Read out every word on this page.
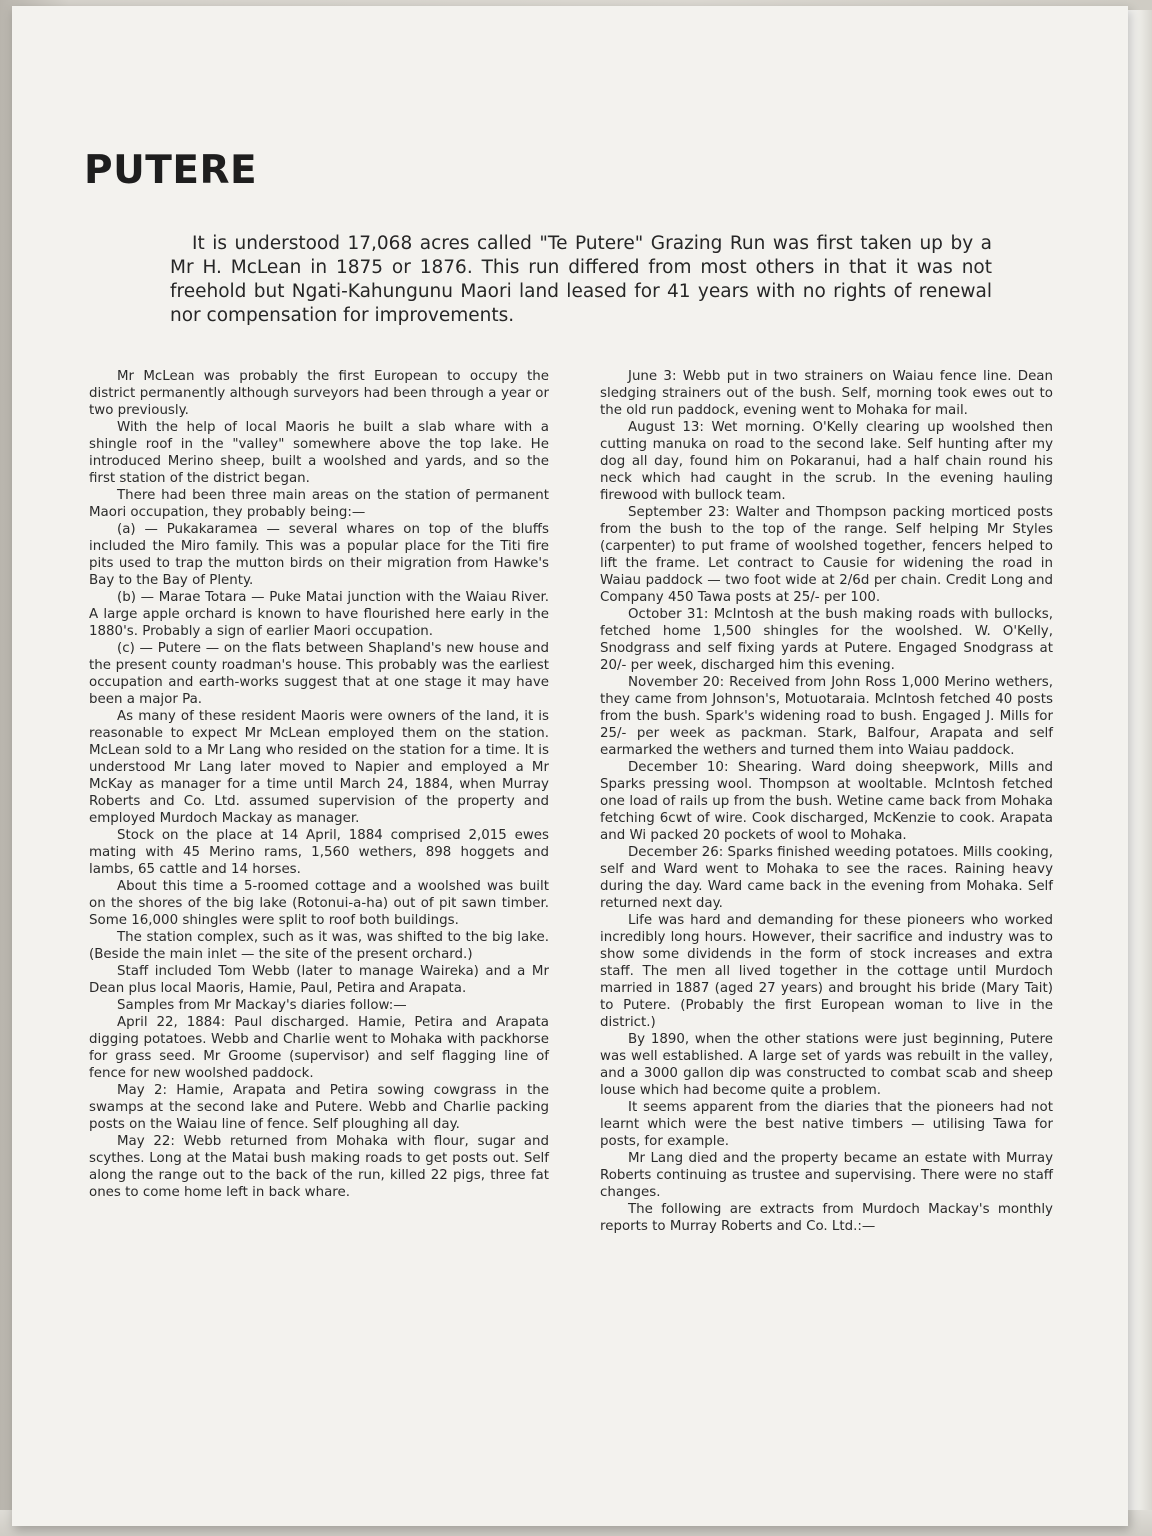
PUTERE

It is understood 17,068 acres called "Te Putere" Grazing Run was first taken up by a Mr H. McLean in 1875 or 1876. This run differed from most others in that it was not freehold but Ngati-Kahungunu Maori land leased for 41 years with no rights of renewal nor compensation for improvements.

Mr McLean was probably the first European to occupy the district permanently although surveyors had been through a year or two previously.

With the help of local Maoris he built a slab whare with a shingle roof in the "valley" somewhere above the top lake. He introduced Merino sheep, built a woolshed and yards, and so the first station of the district began.

There had been three main areas on the station of permanent Maori occupation, they probably being:—

(a) — Pukakaramea — several whares on top of the bluffs included the Miro family. This was a popular place for the Titi fire pits used to trap the mutton birds on their migration from Hawke's Bay to the Bay of Plenty.

(b) — Marae Totara — Puke Matai junction with the Waiau River. A large apple orchard is known to have flourished here early in the 1880's. Probably a sign of earlier Maori occupation.

(c) — Putere — on the flats between Shapland's new house and the present county roadman's house. This probably was the earliest occupation and earth-works suggest that at one stage it may have been a major Pa.

As many of these resident Maoris were owners of the land, it is reasonable to expect Mr McLean employed them on the station. McLean sold to a Mr Lang who resided on the station for a time. It is understood Mr Lang later moved to Napier and employed a Mr McKay as manager for a time until March 24, 1884, when Murray Roberts and Co. Ltd. assumed supervision of the property and employed Murdoch Mackay as manager.

Stock on the place at 14 April, 1884 comprised 2,015 ewes mating with 45 Merino rams, 1,560 wethers, 898 hoggets and lambs, 65 cattle and 14 horses.

About this time a 5-roomed cottage and a woolshed was built on the shores of the big lake (Rotonui-a-ha) out of pit sawn timber. Some 16,000 shingles were split to roof both buildings.

The station complex, such as it was, was shifted to the big lake. (Beside the main inlet — the site of the present orchard.)

Staff included Tom Webb (later to manage Waireka) and a Mr Dean plus local Maoris, Hamie, Paul, Petira and Arapata.

Samples from Mr Mackay's diaries follow:—

April 22, 1884: Paul discharged. Hamie, Petira and Arapata digging potatoes. Webb and Charlie went to Mohaka with packhorse for grass seed. Mr Groome (supervisor) and self flagging line of fence for new woolshed paddock.

May 2: Hamie, Arapata and Petira sowing cowgrass in the swamps at the second lake and Putere. Webb and Charlie packing posts on the Waiau line of fence. Self ploughing all day.

May 22: Webb returned from Mohaka with flour, sugar and scythes. Long at the Matai bush making roads to get posts out. Self along the range out to the back of the run, killed 22 pigs, three fat ones to come home left in back whare.

June 3: Webb put in two strainers on Waiau fence line. Dean sledging strainers out of the bush. Self, morning took ewes out to the old run paddock, evening went to Mohaka for mail.

August 13: Wet morning. O'Kelly clearing up woolshed then cutting manuka on road to the second lake. Self hunting after my dog all day, found him on Pokaranui, had a half chain round his neck which had caught in the scrub. In the evening hauling firewood with bullock team.

September 23: Walter and Thompson packing morticed posts from the bush to the top of the range. Self helping Mr Styles (carpenter) to put frame of woolshed together, fencers helped to lift the frame. Let contract to Causie for widening the road in Waiau paddock — two foot wide at 2/6d per chain. Credit Long and Company 450 Tawa posts at 25/- per 100.

October 31: McIntosh at the bush making roads with bullocks, fetched home 1,500 shingles for the woolshed. W. O'Kelly, Snodgrass and self fixing yards at Putere. Engaged Snodgrass at 20/- per week, discharged him this evening.

November 20: Received from John Ross 1,000 Merino wethers, they came from Johnson's, Motuotaraia. McIntosh fetched 40 posts from the bush. Spark's widening road to bush. Engaged J. Mills for 25/- per week as packman. Stark, Balfour, Arapata and self earmarked the wethers and turned them into Waiau paddock.

December 10: Shearing. Ward doing sheepwork, Mills and Sparks pressing wool. Thompson at wooltable. McIntosh fetched one load of rails up from the bush. Wetine came back from Mohaka fetching 6cwt of wire. Cook discharged, McKenzie to cook. Arapata and Wi packed 20 pockets of wool to Mohaka.

December 26: Sparks finished weeding potatoes. Mills cooking, self and Ward went to Mohaka to see the races. Raining heavy during the day. Ward came back in the evening from Mohaka. Self returned next day.

Life was hard and demanding for these pioneers who worked incredibly long hours. However, their sacrifice and industry was to show some dividends in the form of stock increases and extra staff. The men all lived together in the cottage until Murdoch married in 1887 (aged 27 years) and brought his bride (Mary Tait) to Putere. (Probably the first European woman to live in the district.)

By 1890, when the other stations were just beginning, Putere was well established. A large set of yards was rebuilt in the valley, and a 3000 gallon dip was constructed to combat scab and sheep louse which had become quite a problem.

It seems apparent from the diaries that the pioneers had not learnt which were the best native timbers — utilising Tawa for posts, for example.

Mr Lang died and the property became an estate with Murray Roberts continuing as trustee and supervising. There were no staff changes.

The following are extracts from Murdoch Mackay's monthly reports to Murray Roberts and Co. Ltd.:—
